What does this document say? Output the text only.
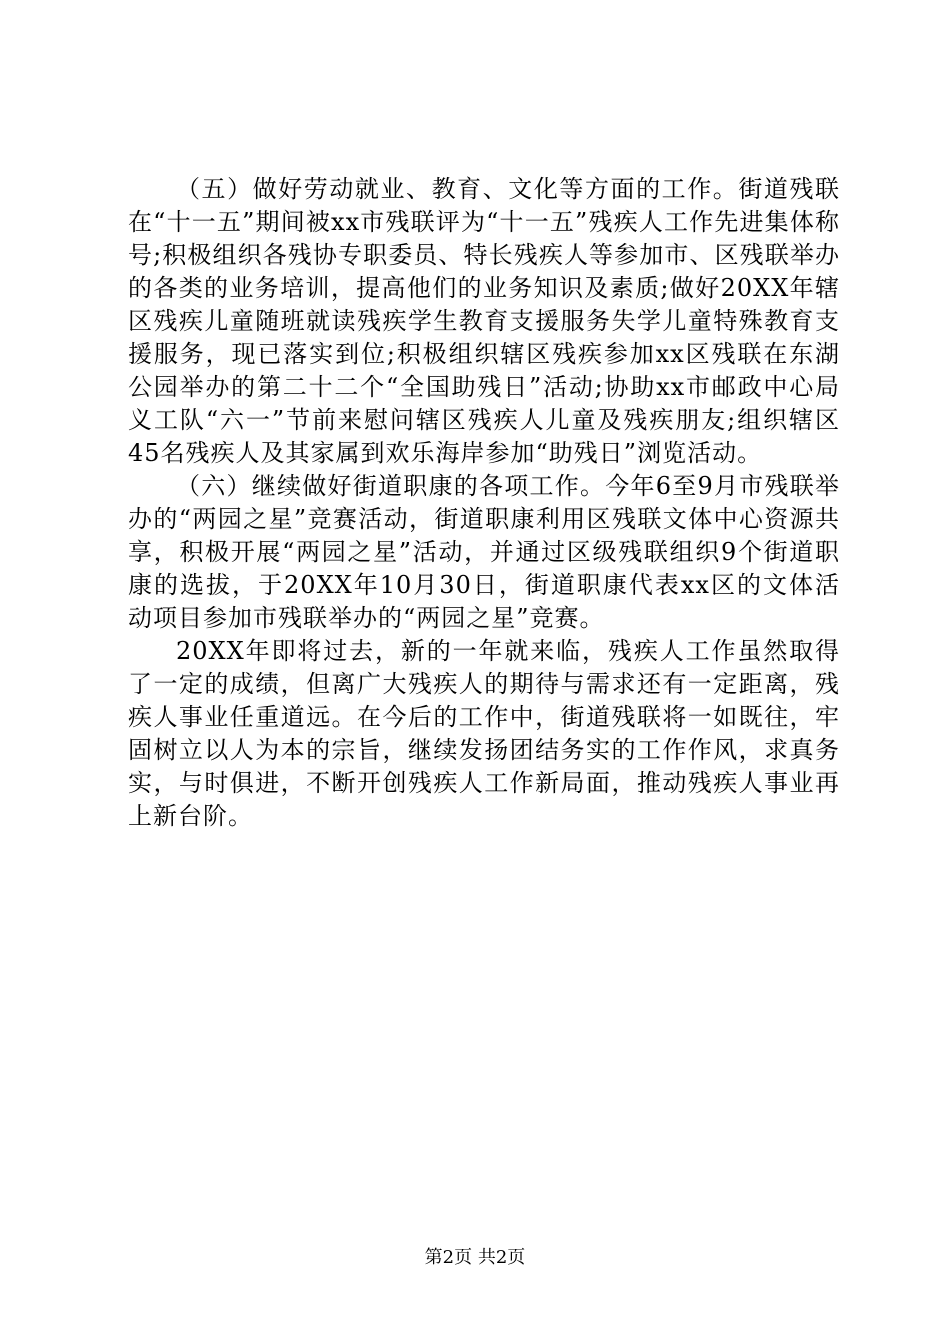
（五）做好劳动就业、教育、文化等方面的工作。街道残联在“十一五”期间被xx市残联评为“十一五”残疾人工作先进集体称号;积极组织各残协专职委员、特长残疾人等参加市、区残联举办的各类的业务培训，提高他们的业务知识及素质;做好20XX年辖区残疾儿童随班就读残疾学生教育支援服务失学儿童特殊教育支援服务，现已落实到位;积极组织辖区残疾参加xx区残联在东湖公园举办的第二十二个“全国助残日”活动;协助xx市邮政中心局义工队“六一”节前来慰问辖区残疾人儿童及残疾朋友;组织辖区45名残疾人及其家属到欢乐海岸参加“助残日”浏览活动。

（六）继续做好街道职康的各项工作。今年6至9月市残联举办的“两园之星”竞赛活动，街道职康利用区残联文体中心资源共享，积极开展“两园之星”活动，并通过区级残联组织9个街道职康的选拔，于20XX年10月30日，街道职康代表xx区的文体活动项目参加市残联举办的“两园之星”竞赛。

20XX年即将过去，新的一年就来临，残疾人工作虽然取得了一定的成绩，但离广大残疾人的期待与需求还有一定距离，残疾人事业任重道远。在今后的工作中，街道残联将一如既往，牢固树立以人为本的宗旨，继续发扬团结务实的工作作风，求真务实，与时俱进，不断开创残疾人工作新局面，推动残疾人事业再上新台阶。

第2页 共2页
